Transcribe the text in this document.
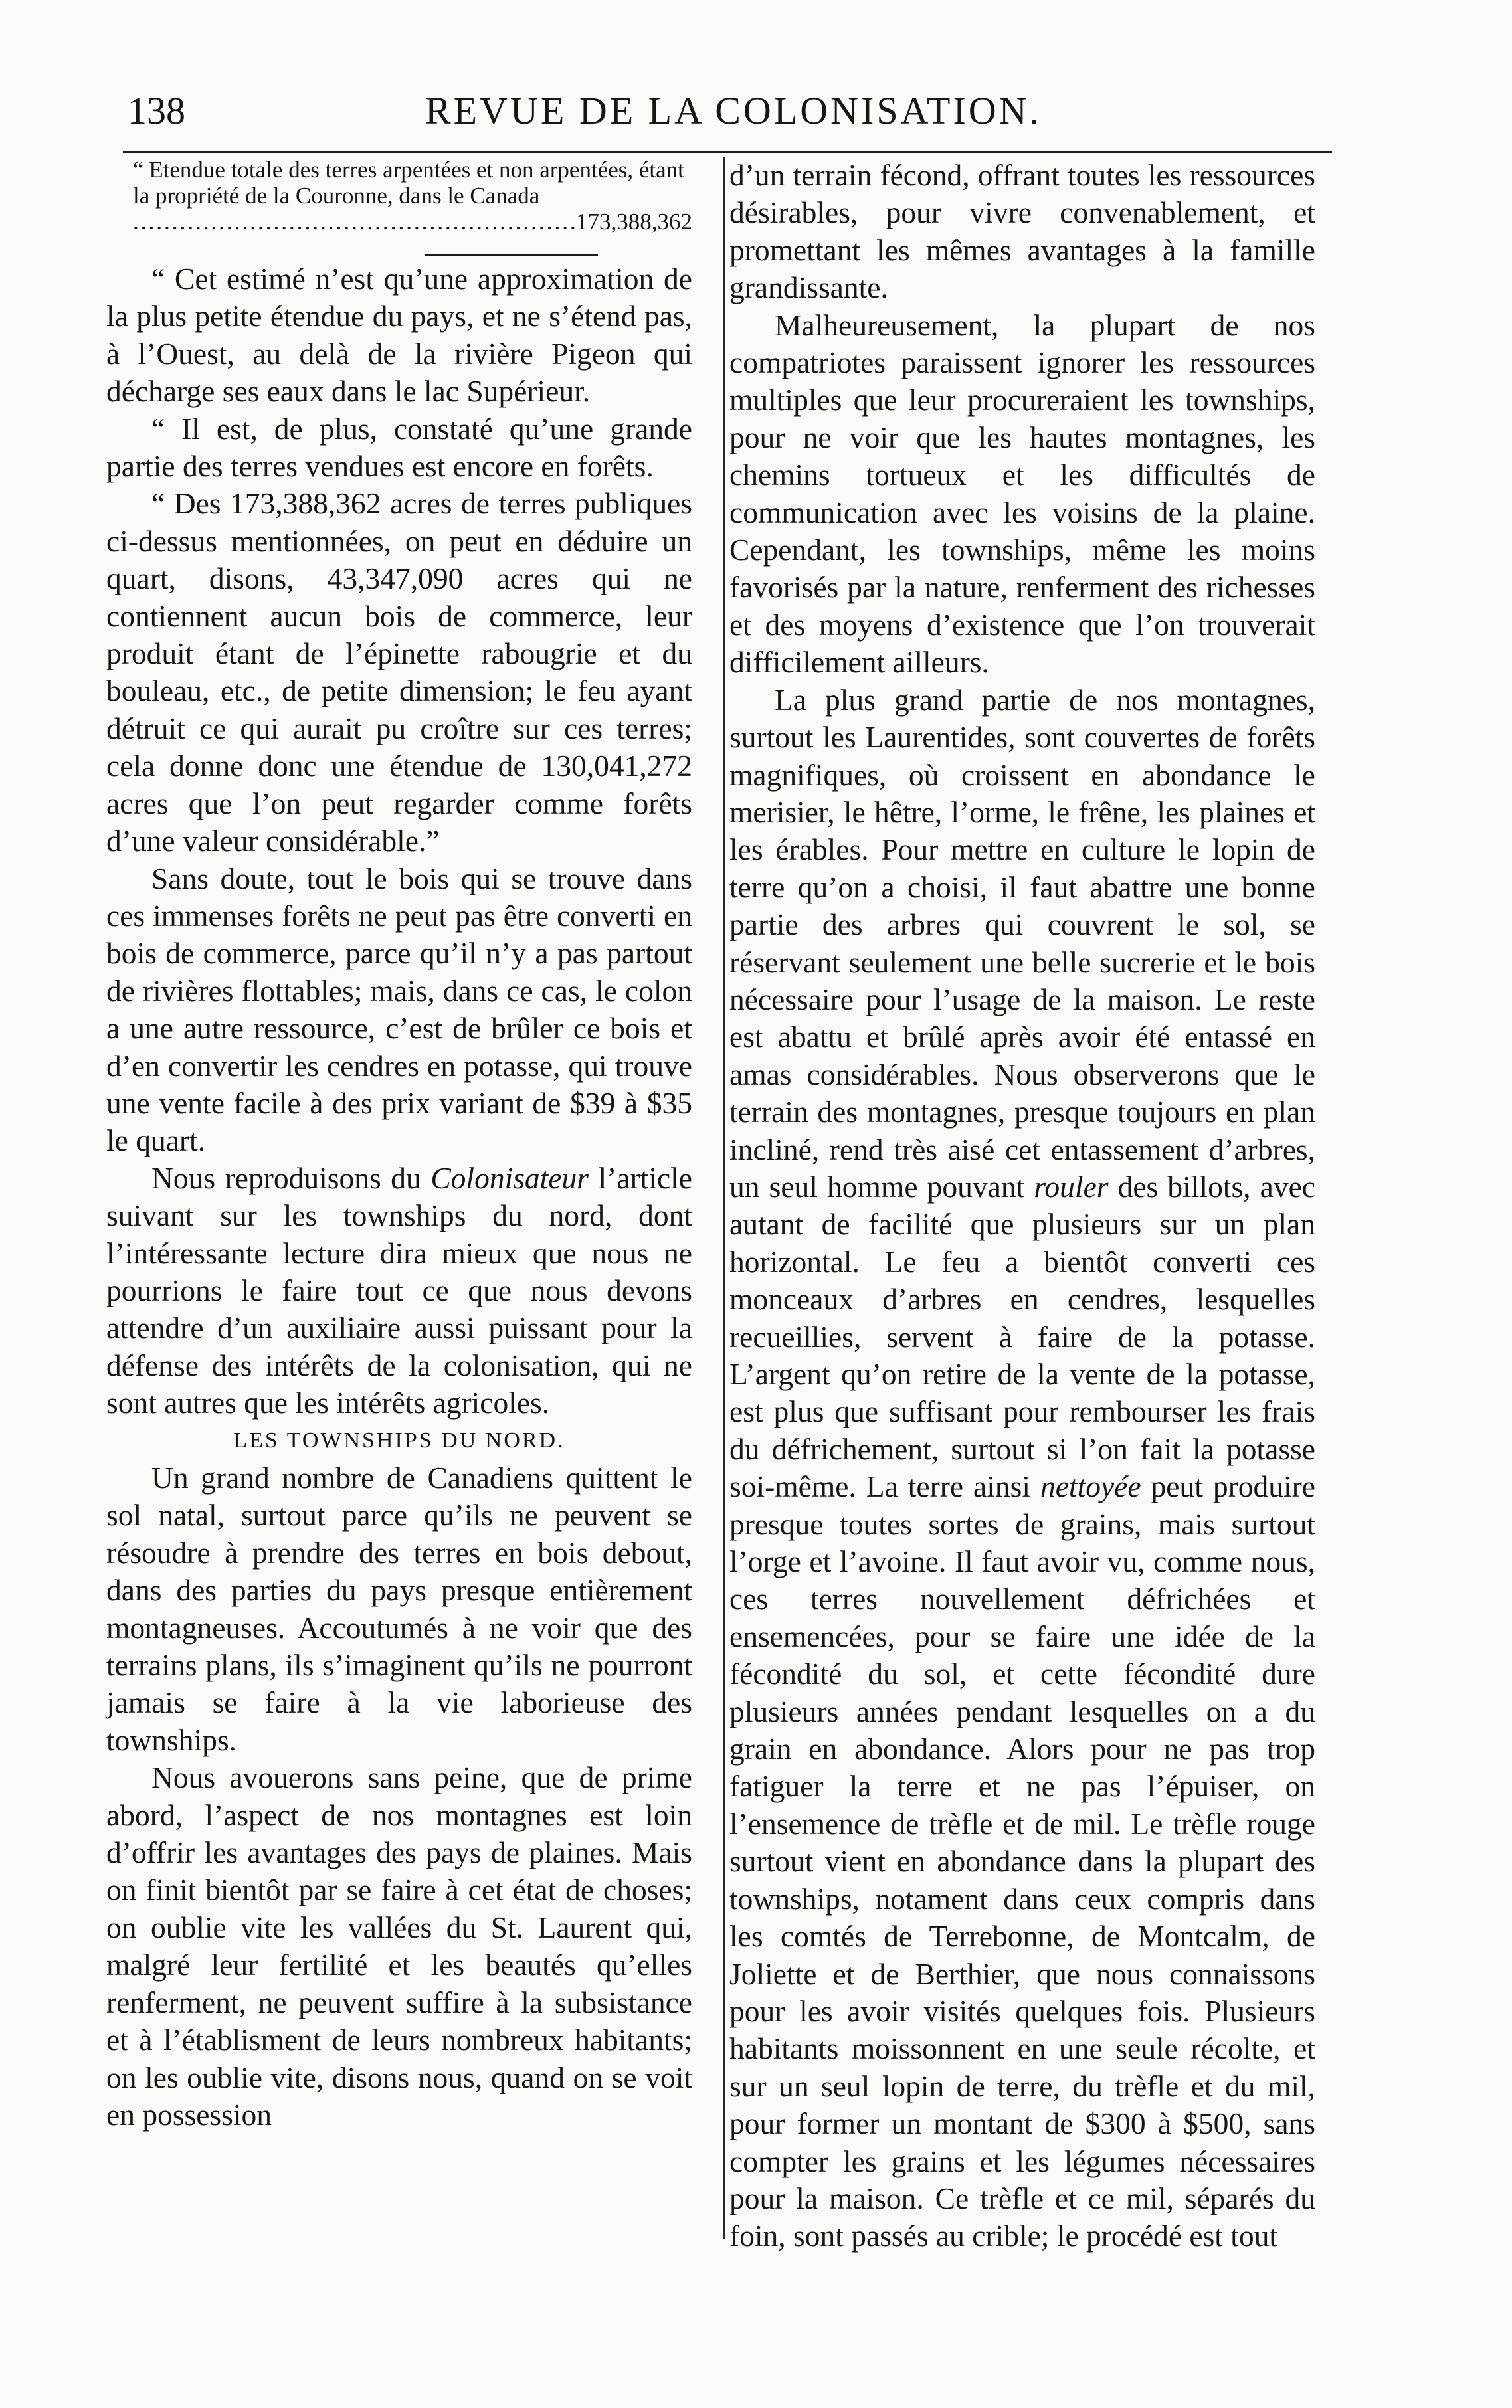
138	REVUE DE LA COLONISATION.
“ Etendue totale des terres arpentées et non arpentées, étant la propriété de la Couronne, dans le Canada
.....
173,388,362

“ Cet estimé n’est qu’une approximation de la plus petite étendue du pays, et ne s’étend pas, à l’Ouest, au delà de la rivière Pigeon qui décharge ses eaux dans le lac Supérieur.

“ Il est, de plus, constaté qu’une grande partie des terres vendues est encore en forêts.

“ Des 173,388,362 acres de terres publiques ci-dessus mentionnées, on peut en déduire un quart, disons, 43,347,090 acres qui ne contiennent aucun bois de commerce, leur produit étant de l’épinette rabougrie et du bouleau, etc., de petite dimension; le feu ayant détruit ce qui aurait pu croître sur ces terres; cela donne donc une étendue de 130,041,272 acres que l’on peut regarder comme forêts d’une valeur considérable.”

Sans doute, tout le bois qui se trouve dans ces immenses forêts ne peut pas être converti en bois de commerce, parce qu’il n’y a pas partout de rivières flottables; mais, dans ce cas, le colon a une autre ressource, c’est de brûler ce bois et d’en convertir les cendres en potasse, qui trouve une vente facile à des prix variant de $39 à $35 le quart.

Nous reproduisons du Colonisateur l’article suivant sur les townships du nord, dont l’intéressante lecture dira mieux que nous ne pourrions le faire tout ce que nous devons attendre d’un auxiliaire aussi puissant pour la défense des intérêts de la colonisation, qui ne sont autres que les intérêts agricoles.

LES TOWNSHIPS DU NORD.

Un grand nombre de Canadiens quittent le sol natal, surtout parce qu’ils ne peuvent se résoudre à prendre des terres en bois debout, dans des parties du pays presque entièrement montagneuses. Accoutumés à ne voir que des terrains plans, ils s’imaginent qu’ils ne pourront jamais se faire à la vie laborieuse des townships.

Nous avouerons sans peine, que de prime abord, l’aspect de nos montagnes est loin d’offrir les avantages des pays de plaines. Mais on finit bientôt par se faire à cet état de choses; on oublie vite les vallées du St. Laurent qui, malgré leur fertilité et les beautés qu’elles renferment, ne peuvent suffire à la subsistance et à l’établisment de leurs nombreux habitants; on les oublie vite, disons nous, quand on se voit en possession

d’un terrain fécond, offrant toutes les ressources désirables, pour vivre convenablement, et promettant les mêmes avantages à la famille grandissante.

Malheureusement, la plupart de nos compatriotes paraissent ignorer les ressources multiples que leur procureraient les townships, pour ne voir que les hautes montagnes, les chemins tortueux et les difficultés de communication avec les voisins de la plaine. Cependant, les townships, même les moins favorisés par la nature, renferment des richesses et des moyens d’existence que l’on trouverait difficilement ailleurs.

La plus grand partie de nos montagnes, surtout les Laurentides, sont couvertes de forêts magnifiques, où croissent en abondance le merisier, le hêtre, l’orme, le frêne, les plaines et les érables. Pour mettre en culture le lopin de terre qu’on a choisi, il faut abattre une bonne partie des arbres qui couvrent le sol, se réservant seulement une belle sucrerie et le bois nécessaire pour l’usage de la maison. Le reste est abattu et brûlé après avoir été entassé en amas considérables. Nous observerons que le terrain des montagnes, presque toujours en plan incliné, rend très aisé cet entassement d’arbres, un seul homme pouvant rouler des billots, avec autant de facilité que plusieurs sur un plan horizontal. Le feu a bientôt converti ces monceaux d’arbres en cendres, lesquelles recueillies, servent à faire de la potasse. L’argent qu’on retire de la vente de la potasse, est plus que suffisant pour rembourser les frais du défrichement, surtout si l’on fait la potasse soi-même. La terre ainsi nettoyée peut produire presque toutes sortes de grains, mais surtout l’orge et l’avoine. Il faut avoir vu, comme nous, ces terres nouvellement défrichées et ensemencées, pour se faire une idée de la fécondité du sol, et cette fécondité dure plusieurs années pendant lesquelles on a du grain en abondance. Alors pour ne pas trop fatiguer la terre et ne pas l’épuiser, on l’ensemence de trèfle et de mil. Le trèfle rouge surtout vient en abondance dans la plupart des townships, notament dans ceux compris dans les comtés de Terrebonne, de Montcalm, de Joliette et de Berthier, que nous connaissons pour les avoir visités quelques fois. Plusieurs habitants moissonnent en une seule récolte, et sur un seul lopin de terre, du trèfle et du mil, pour former un montant de $300 à $500, sans compter les grains et les légumes nécessaires pour la maison. Ce trèfle et ce mil, séparés du foin, sont passés au crible; le procédé est tout
